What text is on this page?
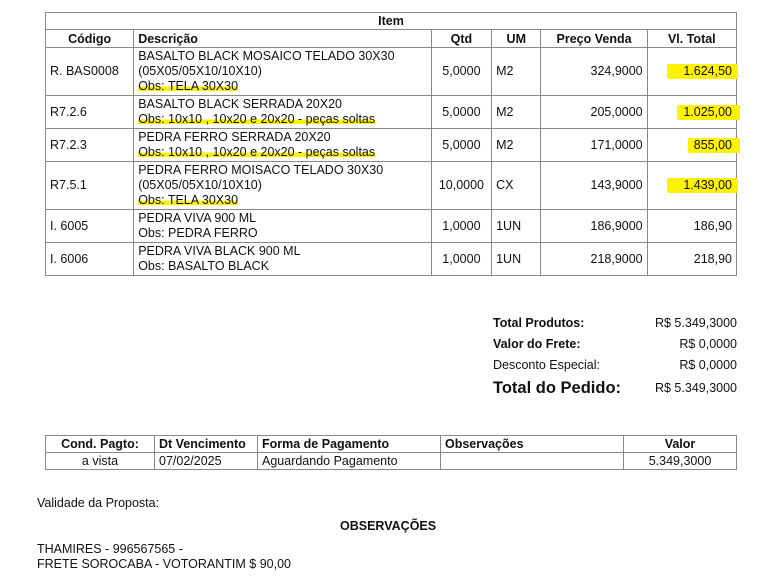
Item					
Código	Descrição	Qtd	UM	Preço Venda	Vl. Total
R. BAS0008	BASALTO BLACK MOSAICO TELADO 30X30
(05X05/05X10/10X10)
Obs: TELA 30X30	5,0000	M2	324,9000	1.624,50
R7.2.6	BASALTO BLACK SERRADA 20X20
Obs: 10x10 , 10x20 e 20x20 - peças soltas	5,0000	M2	205,0000	1.025,00
R7.2.3	PEDRA FERRO SERRADA 20X20
Obs: 10x10 , 10x20 e 20x20 - peças soltas	5,0000	M2	171,0000	855,00
R7.5.1	PEDRA FERRO MOISACO TELADO 30X30
(05X05/05X10/10X10)
Obs: TELA 30X30	10,0000	CX	143,9000	1.439,00
I. 6005	PEDRA VIVA 900 ML
Obs: PEDRA FERRO	1,0000	1UN	186,9000	186,90
I. 6006	PEDRA VIVA BLACK 900 ML
Obs: BASALTO BLACK	1,0000	1UN	218,9000	218,90
Total Produtos:	R$ 5.349,3000
Valor do Frete:	R$ 0,0000
Desconto Especial:	R$ 0,0000
Total do Pedido:	R$ 5.349,3000
Cond. Pagto:	Dt Vencimento	Forma de Pagamento	Observações	Valor
a vista	07/02/2025	Aguardando Pagamento		5.349,3000
Validade da Proposta:
OBSERVAÇÕES
THAMIRES - 996567565 -
FRETE SOROCABA - VOTORANTIM $ 90,00
